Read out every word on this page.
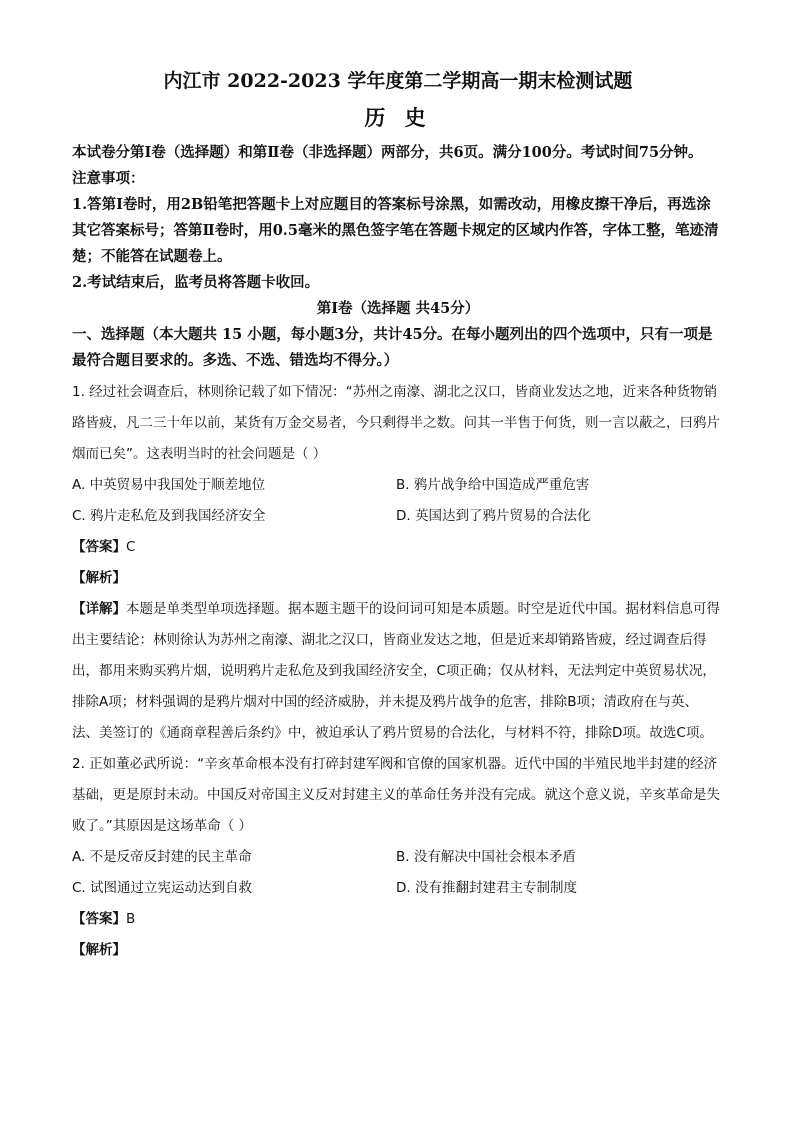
内江市 2022-2023 学年度第二学期高一期末检测试题
历 史

本试卷分第Ⅰ卷（选择题）和第Ⅱ卷（非选择题）两部分，共6页。满分100分。考试时间75分钟。

注意事项：

1.答第Ⅰ卷时，用2B铅笔把答题卡上对应题目的答案标号涂黑，如需改动，用橡皮擦干净后，再选涂其它答案标号；答第Ⅱ卷时，用0.5毫米的黑色签字笔在答题卡规定的区域内作答，字体工整，笔迹清楚；不能答在试题卷上。

2.考试结束后，监考员将答题卡收回。

第Ⅰ卷（选择题 共45分）

一、选择题（本大题共 15 小题，每小题3分，共计45分。在每小题列出的四个选项中，只有一项是最符合题目要求的。多选、不选、错选均不得分。）

1. 经过社会调查后，林则徐记载了如下情况：“苏州之南濠、湖北之汉口，皆商业发达之地，近来各种货物销路皆疲，凡二三十年以前，某货有万金交易者，今只剩得半之数。问其一半售于何货，则一言以蔽之，曰鸦片烟而已矣”。这表明当时的社会问题是（ ）

A. 中英贸易中我国处于顺差地位	B. 鸦片战争给中国造成严重危害
C. 鸦片走私危及到我国经济安全	D. 英国达到了鸦片贸易的合法化

【答案】C

【解析】

【详解】本题是单类型单项选择题。据本题主题干的设问词可知是本质题。时空是近代中国。据材料信息可得出主要结论：林则徐认为苏州之南濠、湖北之汉口，皆商业发达之地，但是近来却销路皆疲，经过调查后得出，都用来购买鸦片烟，说明鸦片走私危及到我国经济安全，C项正确；仅从材料，无法判定中英贸易状况，排除A项；材料强调的是鸦片烟对中国的经济威胁，并未提及鸦片战争的危害，排除B项；清政府在与英、法、美签订的《通商章程善后条约》中，被迫承认了鸦片贸易的合法化，与材料不符，排除D项。故选C项。

2. 正如董必武所说：“辛亥革命根本没有打碎封建军阀和官僚的国家机器。近代中国的半殖民地半封建的经济基础，更是原封未动。中国反对帝国主义反对封建主义的革命任务并没有完成。就这个意义说，辛亥革命是失败了。”其原因是这场革命（ ）

A. 不是反帝反封建的民主革命	B. 没有解决中国社会根本矛盾
C. 试图通过立宪运动达到自救	D. 没有推翻封建君主专制制度

【答案】B

【解析】
